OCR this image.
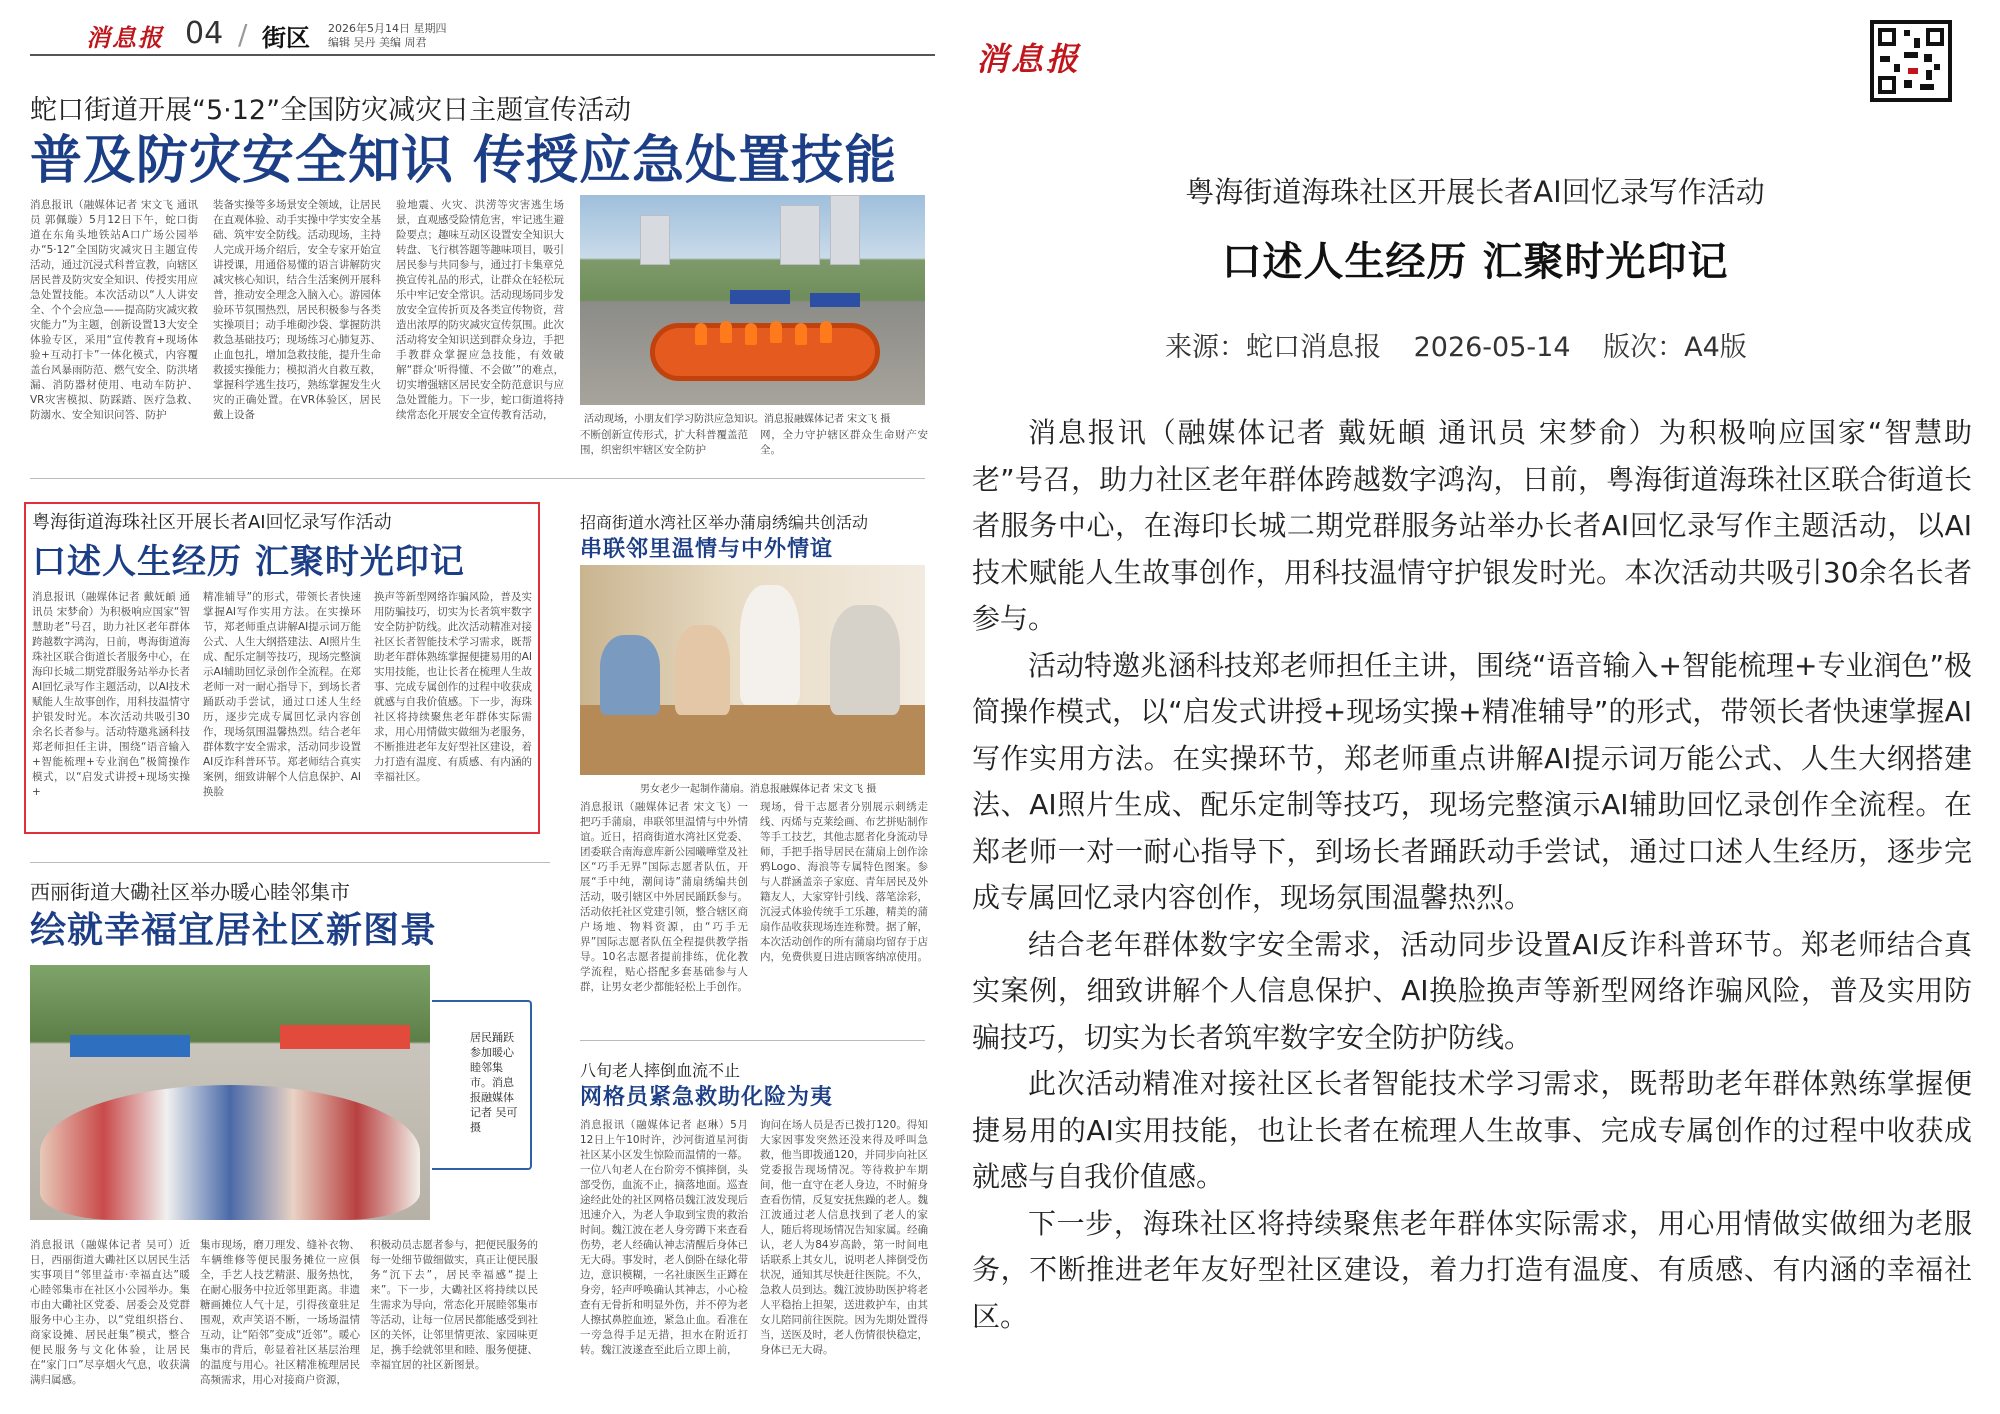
消息报 04 / 街区 2026年5月14日 星期四
编辑 吴丹 美编 周君
蛇口街道开展“5·12”全国防灾减灾日主题宣传活动
普及防灾安全知识 传授应急处置技能
消息报讯（融媒体记者 宋文飞 通讯员 郭佩璇）5月12日下午，蛇口街道在东角头地铁站A口广场公园举办“5·12”全国防灾减灾日主题宣传活动，通过沉浸式科普宣教，向辖区居民普及防灾安全知识、传授实用应急处置技能。本次活动以“人人讲安全、个个会应急——提高防灾减灾救灾能力”为主题，创新设置13大安全体验专区，采用“宣传教育+现场体验+互动打卡”一体化模式，内容覆盖台风暴雨防范、燃气安全、防洪堵漏、消防器材使用、电动车防护、VR灾害模拟、防踩踏、医疗急救、防溺水、安全知识问答、防护
装备实操等多场景安全领域，让居民在直观体验、动手实操中学实安全基础、筑牢安全防线。活动现场，主持人完成开场介绍后，安全专家开始宣讲授课，用通俗易懂的语言讲解防灾减灾核心知识，结合生活案例开展科普，推动安全理念入脑入心。游园体验环节氛围热烈，居民积极参与各类实操项目；动手堆砌沙袋、掌握防洪救急基础技巧；现场练习心肺复苏、止血包扎，增加急救技能，提升生命救援实操能力；模拟消火自救互救，掌握科学逃生技巧，熟练掌握发生火灾的正确处置。在VR体验区，居民戴上设备
验地震、火灾、洪涝等灾害逃生场景，直观感受险情危害，牢记逃生避险要点；趣味互动区设置安全知识大转盘、飞行棋答题等趣味项目，吸引居民参与共同参与，通过打卡集章兑换宣传礼品的形式，让群众在轻松玩乐中牢记安全常识。活动现场同步发放安全宣传折页及各类宣传物资，营造出浓厚的防灾减灾宣传氛围。此次活动将安全知识送到群众身边，手把手教群众掌握应急技能，有效破解“群众‘听得懂、不会做’”的难点，切实增强辖区居民安全防范意识与应急处置能力。下一步，蛇口街道将持续常态化开展安全宣传教育活动，	活动现场，小朋友们学习防洪应急知识。消息报融媒体记者 宋文飞 摄
不断创新宣传形式，扩大科普覆盖范围，织密织牢辖区安全防护
网，全力守护辖区群众生命财产安全。
粤海街道海珠社区开展长者AI回忆录写作活动
口述人生经历 汇聚时光印记
消息报讯（融媒体记者 戴妩頔 通讯员 宋梦俞）为积极响应国家“智慧助老”号召，助力社区老年群体跨越数字鸿沟，日前，粤海街道海珠社区联合街道长者服务中心，在海印长城二期党群服务站举办长者AI回忆录写作主题活动，以AI技术赋能人生故事创作，用科技温情守护银发时光。本次活动共吸引30余名长者参与。活动特邀兆涵科技郑老师担任主讲，围绕“语音输入+智能梳理+专业润色”极简操作模式，以“启发式讲授+现场实操+
精准辅导”的形式，带领长者快速掌握AI写作实用方法。在实操环节，郑老师重点讲解AI提示词万能公式、人生大纲搭建法、AI照片生成、配乐定制等技巧，现场完整演示AI辅助回忆录创作全流程。在郑老师一对一耐心指导下，到场长者踊跃动手尝试，通过口述人生经历，逐步完成专属回忆录内容创作，现场氛围温馨热烈。结合老年群体数字安全需求，活动同步设置AI反诈科普环节。郑老师结合真实案例，细致讲解个人信息保护、AI换脸
换声等新型网络诈骗风险，普及实用防骗技巧，切实为长者筑牢数字安全防护防线。此次活动精准对接社区长者智能技术学习需求，既帮助老年群体熟练掌握便捷易用的AI实用技能，也让长者在梳理人生故事、完成专属创作的过程中收获成就感与自我价值感。下一步，海珠社区将持续聚焦老年群体实际需求，用心用情做实做细为老服务，不断推进老年友好型社区建设，着力打造有温度、有质感、有内涵的幸福社区。
招商街道水湾社区举办蒲扇绣编共创活动
串联邻里温情与中外情谊
男女老少一起制作蒲扇。消息报融媒体记者 宋文飞 摄
消息报讯（融媒体记者 宋文飞）一把巧手蒲扇，串联邻里温情与中外情谊。近日，招商街道水湾社区党委、团委联合南海意库新公园曦嘩堂及社区“巧手无界”国际志愿者队伍，开展“手中纯，潮间诗”蒲扇绣编共创活动，吸引辖区中外居民踊跃参与。活动依托社区党建引领，整合辖区商户场地、物料资源，由“巧手无界”国际志愿者队伍全程提供教学指导。10名志愿者提前排练，优化教学流程，贴心搭配多套基础参与人群，让男女老少都能轻松上手创作。
现场，骨干志愿者分别展示刺绣走线、丙烯与克莱绘画、布艺拼贴制作等手工技艺，其他志愿者化身流动导师，手把手指导居民在蒲扇上创作涂鸦Logo、海浪等专属特色图案。参与人群涵盖亲子家庭、青年居民及外籍友人，大家穿针引线、落笔涂彩，沉浸式体验传统手工乐趣，精美的蒲扇作品收获现场连连称赞。据了解，本次活动创作的所有蒲扇均留存于店内，免费供夏日进店顾客纳凉使用。
八旬老人摔倒血流不止
网格员紧急救助化险为夷
消息报讯（融媒体记者 赵琳）5月12日上午10时许，沙河街道星河街社区某小区发生惊险而温情的一幕。一位八旬老人在台阶旁不慎摔倒，头部受伤，血流不止，摘落地面。巡查途经此处的社区网格员魏江波发现后迅速介入，为老人争取到宝贵的救治时间。魏江波在老人身旁蹲下来查看伤势，老人经确认神志清醒后身体已无大碍。事发时，老人倒卧在绿化带边，意识模糊，一名社康医生正蹲在身旁，轻声呼唤确认其神志，小心检查有无骨折和明显外伤，并不停为老人擦拭鼻腔血迹，紧急止血。看准在一旁急得手足无措，担水在附近打转。魏江波遂查至此后立即上前，
询问在场人员是否已拨打120。得知大家因事发突然还没来得及呼叫急救，他当即拨通120，并同步向社区党委报告现场情况。等待救护车期间，他一直守在老人身边，不时俯身查看伤情，反复安抚焦躁的老人。魏江波通过老人信息找到了老人的家人，随后将现场情况告知家属。经确认，老人为84岁高龄，第一时间电话联系上其女儿，说明老人摔倒受伤状况，通知其尽快赶往医院。不久，急救人员到达。魏江波协助医护将老人平稳抬上担架，送进救护车，由其女儿陪同前往医院。因为先期处置得当，送医及时，老人伤情很快稳定，身体已无大碍。
西丽街道大磡社区举办暖心睦邻集市
绘就幸福宜居社区新图景
居民踊跃参加暖心睦邻集市。消息报融媒体记者 吴可 摄
消息报讯（融媒体记者 吴可）近日，西丽街道大磡社区以居民生活实事项目“邻里益市·幸福直达”暖心睦邻集市在社区小公园举办。集市由大磡社区党委、居委会及党群服务中心主办，以“党组织搭台、商家设摊、居民赶集”模式，整合便民服务与文化体验，让居民在“家门口”尽享烟火气息，收获满满归属感。
集市现场，磨刀理发、缝补衣物、车辆维修等便民服务摊位一应俱全，手艺人技艺精湛、服务热忱，在耐心服务中拉近邻里距离。非遗糖画摊位人气十足，引得孩童驻足围观，欢声笑语不断，一场场温情互动，让“陌邻”变成“近邻”。暖心集市的背后，彰显着社区基层治理的温度与用心。社区精准梳理居民高频需求，用心对接商户资源，
积极动员志愿者参与，把便民服务的每一处细节做细做实，真正让便民服务“沉下去”，居民幸福感“提上来”。下一步，大磡社区将持续以民生需求为导向，常态化开展睦邻集市等活动，让每一位居民都能感受到社区的关怀，让邻里情更浓、家园味更足，携手绘就邻里和睦、服务便捷、幸福宜居的社区新图景。
消息报
粤海街道海珠社区开展长者AI回忆录写作活动
口述人生经历 汇聚时光印记
来源：蛇口消息报 2026-05-14 版次：A4版

消息报讯（融媒体记者 戴妩頔 通讯员 宋梦俞）为积极响应国家“智慧助老”号召，助力社区老年群体跨越数字鸿沟，日前，粤海街道海珠社区联合街道长者服务中心，在海印长城二期党群服务站举办长者AI回忆录写作主题活动，以AI技术赋能人生故事创作，用科技温情守护银发时光。本次活动共吸引30余名长者参与。

活动特邀兆涵科技郑老师担任主讲，围绕“语音输入+智能梳理+专业润色”极简操作模式，以“启发式讲授+现场实操+精准辅导”的形式，带领长者快速掌握AI写作实用方法。在实操环节，郑老师重点讲解AI提示词万能公式、人生大纲搭建法、AI照片生成、配乐定制等技巧，现场完整演示AI辅助回忆录创作全流程。在郑老师一对一耐心指导下，到场长者踊跃动手尝试，通过口述人生经历，逐步完成专属回忆录内容创作，现场氛围温馨热烈。

结合老年群体数字安全需求，活动同步设置AI反诈科普环节。郑老师结合真实案例，细致讲解个人信息保护、AI换脸换声等新型网络诈骗风险，普及实用防骗技巧，切实为长者筑牢数字安全防护防线。

此次活动精准对接社区长者智能技术学习需求，既帮助老年群体熟练掌握便捷易用的AI实用技能，也让长者在梳理人生故事、完成专属创作的过程中收获成就感与自我价值感。

下一步，海珠社区将持续聚焦老年群体实际需求，用心用情做实做细为老服务，不断推进老年友好型社区建设，着力打造有温度、有质感、有内涵的幸福社区。
